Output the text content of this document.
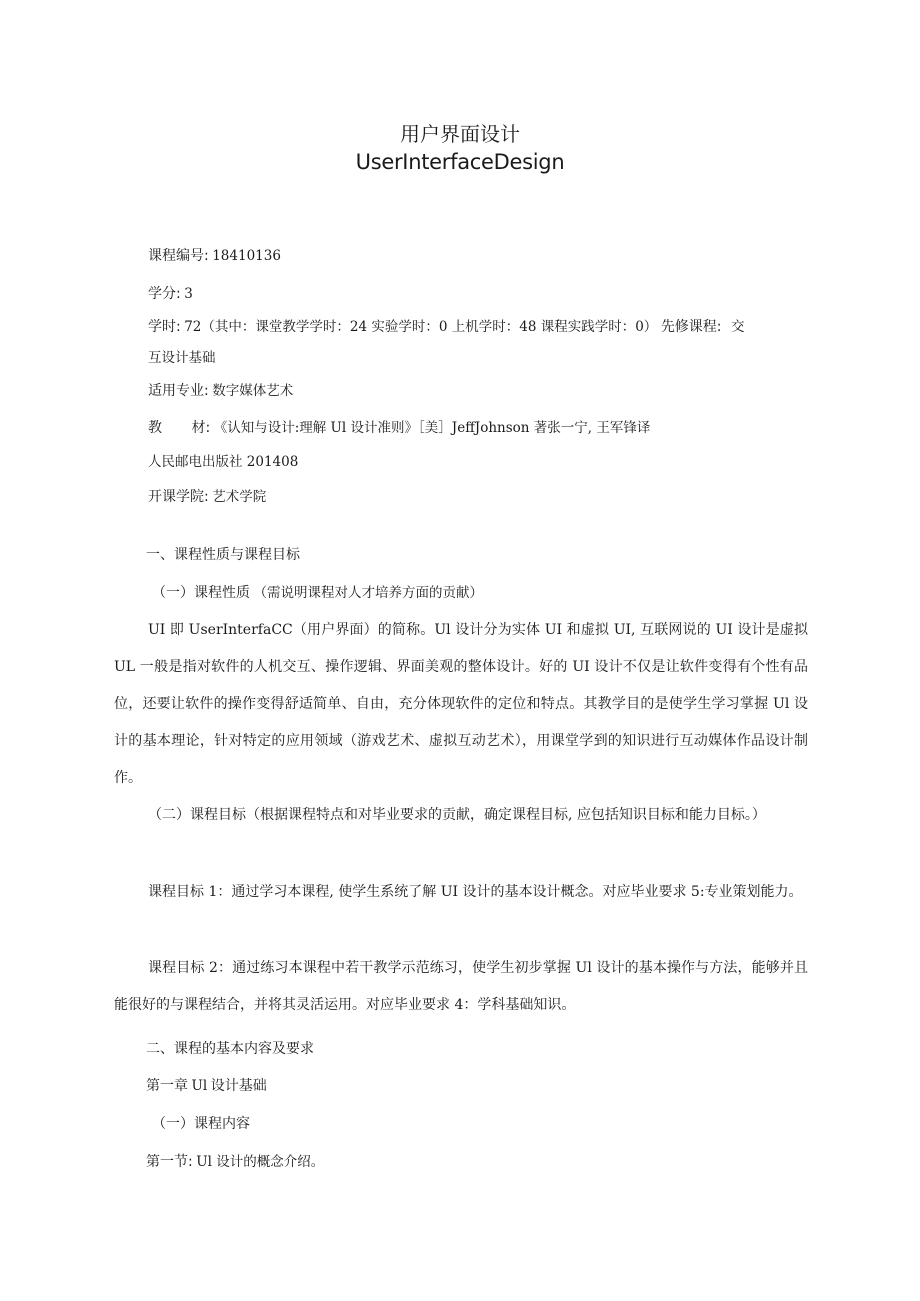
用户界面设计
UserInterfaceDesign
课程编号: 18410136
学分: 3
学时: 72（其中：课堂教学学时：24 实验学时：0 上机学时：48 课程实践学时：0） 先修课程: 交
互设计基础
适用专业: 数字媒体艺术
教 材: 《认知与设计:理解 Ul 设计准则》［美］JeffJohnson 著张一宁, 王军锋译
人民邮电出版社 201408
开课学院: 艺术学院
一、课程性质与课程目标
（一）课程性质 （需说明课程对人才培养方面的贡献）
UI 即 UserInterfaCC（用户界面）的简称。Ul 设计分为实体 UI 和虚拟 UI, 互联网说的 UI 设计是虚拟 UL 一般是指对软件的人机交互、操作逻辑、界面美观的整体设计。好的 UI 设计不仅是让软件变得有个性有品位，还要让软件的操作变得舒适简单、自由，充分体现软件的定位和特点。其教学目的是使学生学习掌握 Ul 设计的基本理论，针对特定的应用领域（游戏艺术、虚拟互动艺术），用课堂学到的知识进行互动媒体作品设计制作。
（二）课程目标（根据课程特点和对毕业要求的贡献，确定课程目标, 应包括知识目标和能力目标。）
课程目标 1：通过学习本课程, 使学生系统了解 UI 设计的基本设计概念。对应毕业要求 5:专业策划能力。
课程目标 2：通过练习本课程中若干教学示范练习，使学生初步掌握 Ul 设计的基本操作与方法，能够并且能很好的与课程结合，并将其灵活运用。对应毕业要求 4：学科基础知识。
二、课程的基本内容及要求
第一章 Ul 设计基础
（一）课程内容
第一节: Ul 设计的概念介绍。
